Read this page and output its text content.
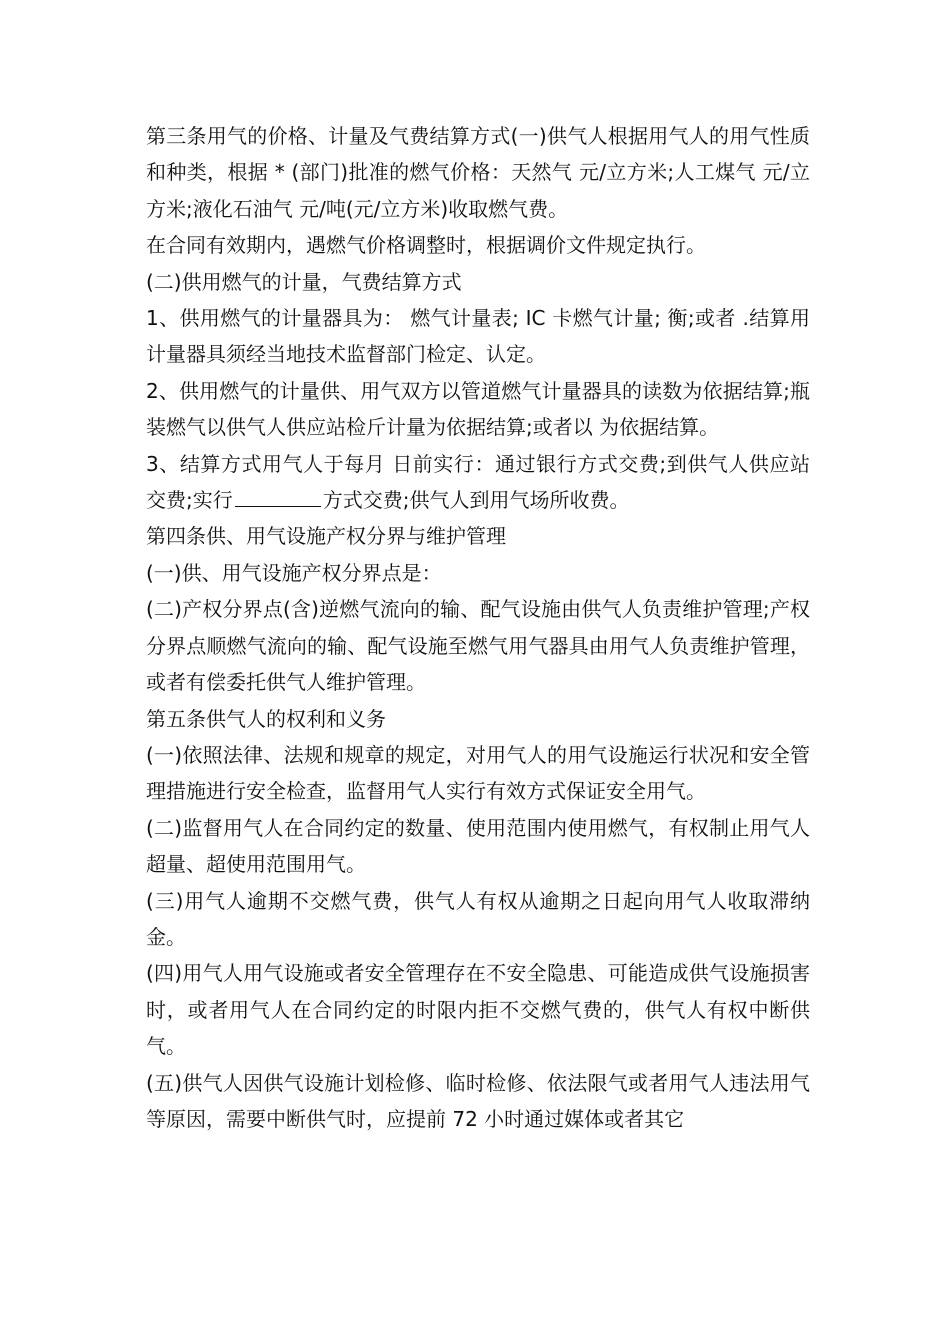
第三条用气的价格、计量及气费结算方式(一)供气人根据用气人的用气性质和种类，根据 * (部门)批准的燃气价格：天然气 元/立方米;人工煤气 元/立方米;液化石油气 元/吨(元/立方米)收取燃气费。

在合同有效期内，遇燃气价格调整时，根据调价文件规定执行。

(二)供用燃气的计量，气费结算方式

1、供用燃气的计量器具为： 燃气计量表; IC 卡燃气计量; 衡;或者 .结算用计量器具须经当地技术监督部门检定、认定。

2、供用燃气的计量供、用气双方以管道燃气计量器具的读数为依据结算;瓶装燃气以供气人供应站检斤计量为依据结算;或者以 为依据结算。

3、结算方式用气人于每月 日前实行：通过银行方式交费;到供气人供应站交费;实行	方式交费;供气人到用气场所收费。

第四条供、用气设施产权分界与维护管理

(一)供、用气设施产权分界点是：

(二)产权分界点(含)逆燃气流向的输、配气设施由供气人负责维护管理;产权分界点顺燃气流向的输、配气设施至燃气用气器具由用气人负责维护管理，或者有偿委托供气人维护管理。

第五条供气人的权利和义务

(一)依照法律、法规和规章的规定，对用气人的用气设施运行状况和安全管理措施进行安全检查，监督用气人实行有效方式保证安全用气。

(二)监督用气人在合同约定的数量、使用范围内使用燃气，有权制止用气人超量、超使用范围用气。

(三)用气人逾期不交燃气费，供气人有权从逾期之日起向用气人收取滞纳金。

(四)用气人用气设施或者安全管理存在不安全隐患、可能造成供气设施损害时，或者用气人在合同约定的时限内拒不交燃气费的，供气人有权中断供气。

(五)供气人因供气设施计划检修、临时检修、依法限气或者用气人违法用气等原因，需要中断供气时，应提前 72 小时通过媒体或者其它
